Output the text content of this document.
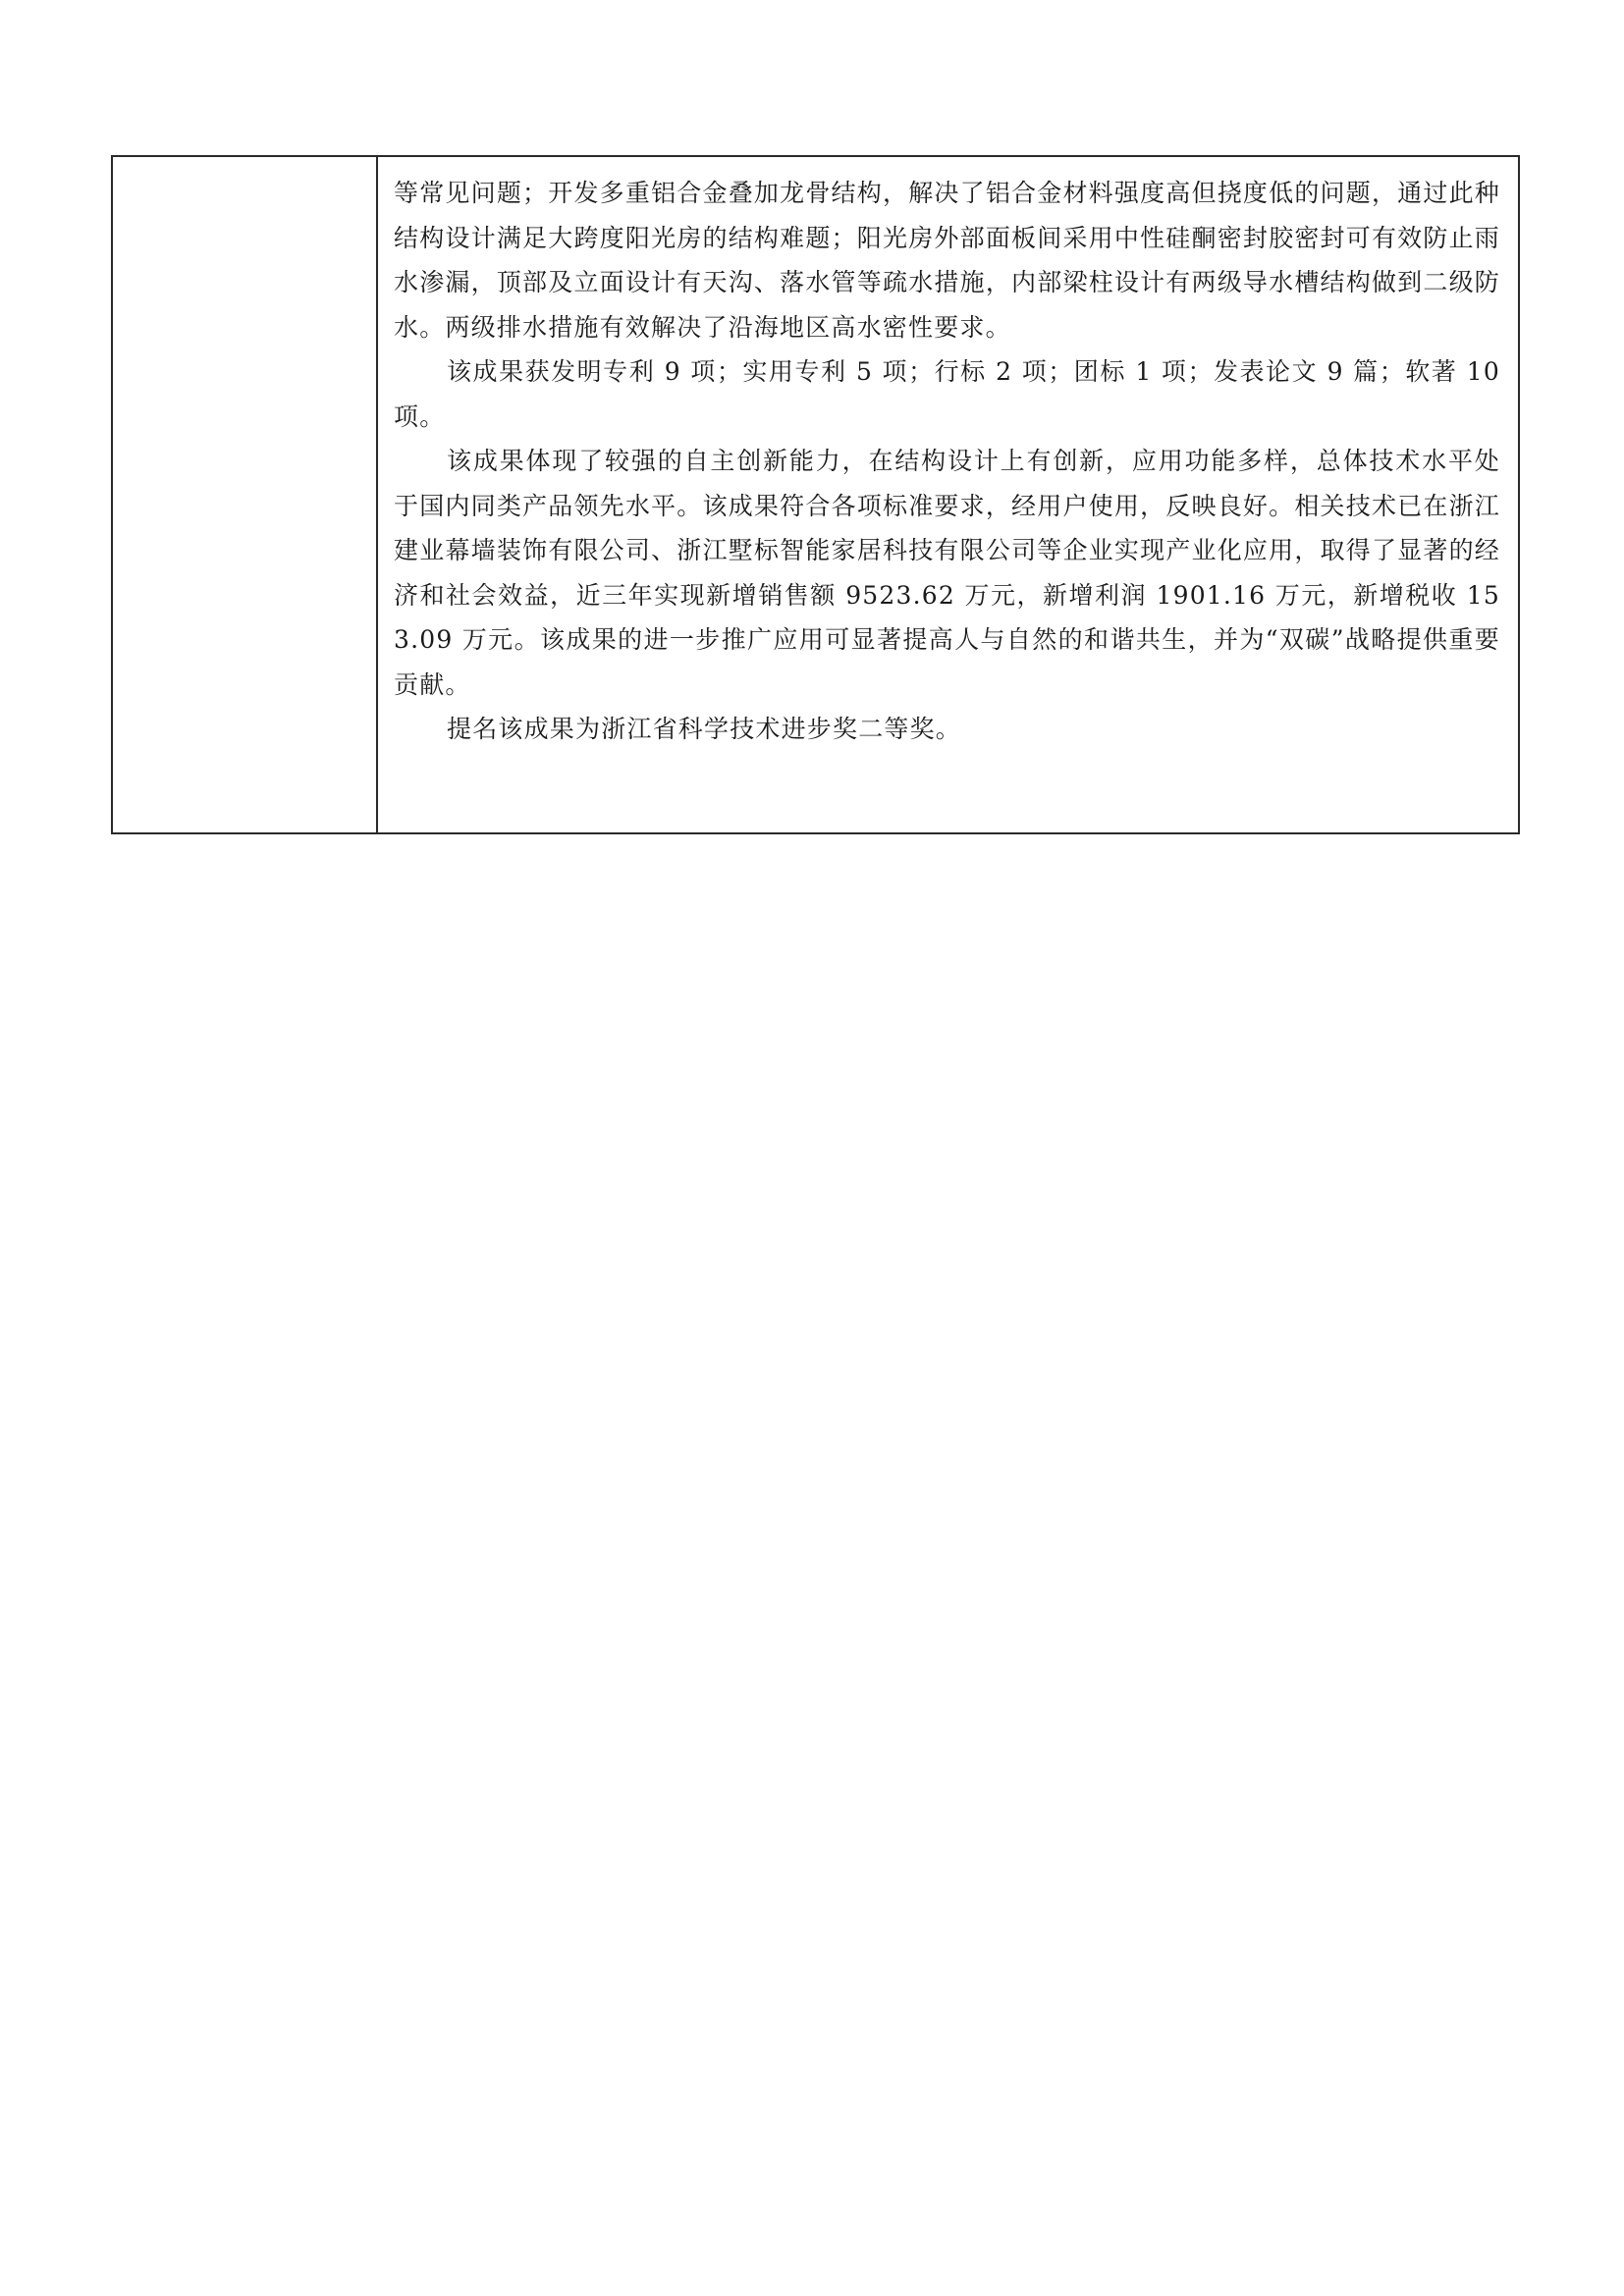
等常见问题；开发多重铝合金叠加龙骨结构，解决了铝合金材料强度高但挠度低的问题，通过此种结构设计满足大跨度阳光房的结构难题；阳光房外部面板间采用中性硅酮密封胶密封可有效防止雨水渗漏，顶部及立面设计有天沟、落水管等疏水措施，内部梁柱设计有两级导水槽结构做到二级防水。两级排水措施有效解决了沿海地区高水密性要求。

该成果获发明专利 9 项；实用专利 5 项；行标 2 项；团标 1 项；发表论文 9 篇；软著 10 项。

该成果体现了较强的自主创新能力，在结构设计上有创新，应用功能多样，总体技术水平处于国内同类产品领先水平。该成果符合各项标准要求，经用户使用，反映良好。相关技术已在浙江建业幕墙装饰有限公司、浙江墅标智能家居科技有限公司等企业实现产业化应用，取得了显著的经济和社会效益，近三年实现新增销售额 9523.62 万元，新增利润 1901.16 万元，新增税收 153.09 万元。该成果的进一步推广应用可显著提高人与自然的和谐共生，并为“双碳”战略提供重要贡献。

提名该成果为浙江省科学技术进步奖二等奖。
